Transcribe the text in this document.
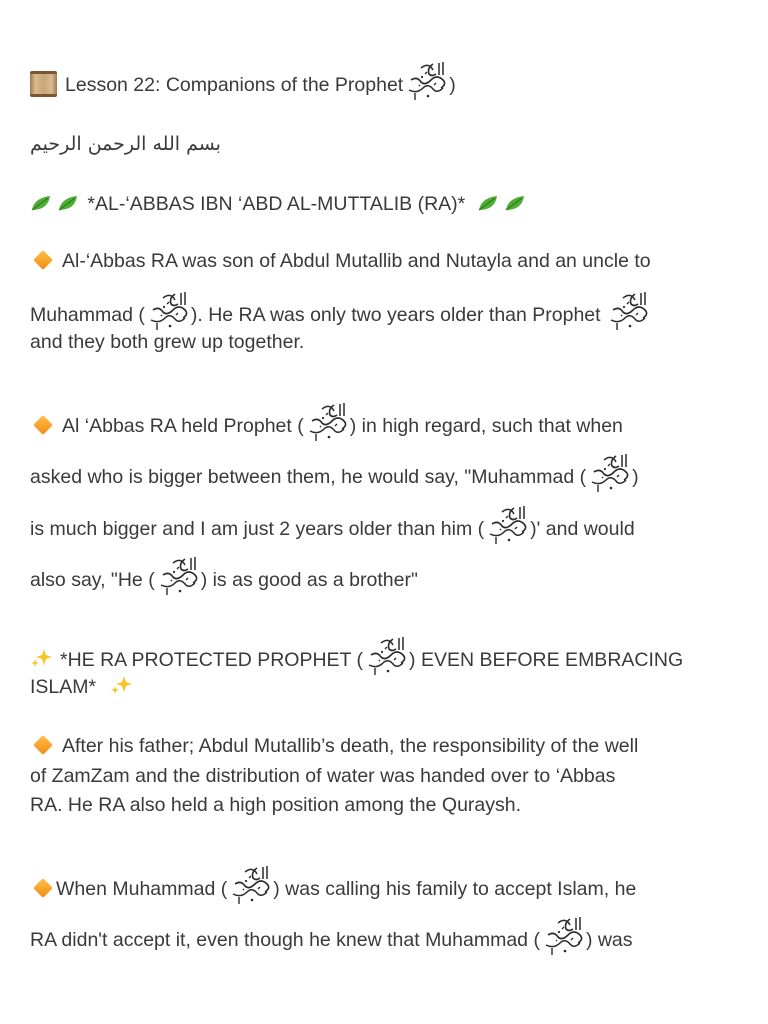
Lesson 22: Companions of the Prophet )
بسم الله الرحمن الرحيم
*AL-‘ABBAS IBN ‘ABD AL-MUTTALIB (RA)*
Al-‘Abbas RA was son of Abdul Mutallib and Nutayla and an uncle to
Muhammad ( ). He RA was only two years older than Prophet
and they both grew up together.
Al ‘Abbas RA held Prophet ( ) in high regard, such that when
asked who is bigger between them, he would say, "Muhammad ( )
is much bigger and I am just 2 years older than him ( )' and would
also say, "He ( ) is as good as a brother"
*HE RA PROTECTED PROPHET ( ) EVEN BEFORE EMBRACING
ISLAM*
After his father; Abdul Mutallib’s death, the responsibility of the well
of ZamZam and the distribution of water was handed over to ‘Abbas
RA. He RA also held a high position among the Quraysh.
When Muhammad ( ) was calling his family to accept Islam, he
RA didn't accept it, even though he knew that Muhammad ( ) was
